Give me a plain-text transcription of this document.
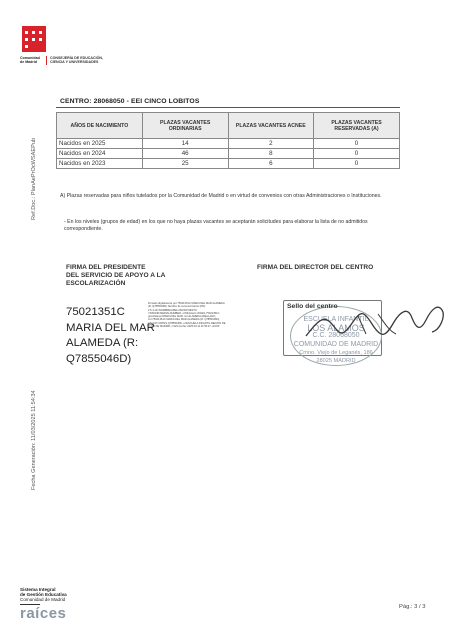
Comunidad
de Madrid
CONSEJERÍA DE EDUCACIÓN,
CIENCIA Y UNIVERSIDADES
Ref.Doc.: PlanAePrOcWSAEPub
Fecha Generación: 11/03/2025 11:54:34
CENTRO: 28068050 - EEI CINCO LOBITOS
AÑOS DE NACIMIENTO	PLAZAS VACANTES ORDINARIAS	PLAZAS VACANTES ACNEE	PLAZAS VACANTES RESERVADAS (A)
Nacidos en 2025	14	2	0
Nacidos en 2024	46	8	0
Nacidos en 2023	25	6	0
A) Plazas reservadas para niños tutelados por la Comunidad de Madrid o en virtud de convenios con otras Administraciones o Instituciones.
- En los niveles (grupos de edad) en los que no haya plazas vacantes se aceptarán solicitudes para elaborar la lista de no admitidos correspondiente.
FIRMA DEL PRESIDENTE
DEL SERVICIO DE APOYO A LA
ESCOLARIZACIÓN
FIRMA DEL DIRECTOR DEL CENTRO
75021351C
MARIA DEL MAR
ALAMEDA (R:
Q7855046D)
Firmado digitalmente por 75021351C MARIA DEL MAR ALAMEDA (R: Q7855046D) Nombre de reconocimiento (DN): 2.5.4.13=NOMBRE/APELLIDOS/PUESTO Y/DNI/NIF/SERIALNUMBER, o=Ministerio IDCES-75021351C, givenName=MARIA DEL MAR, sn=ALAMEDA ARELLANO, cn=75021351C MARIA DEL MAR ALAMEDA (R: Q7855046D), 2.5.4.97=VATES-Q7855046D, o=ESCUELA INFANTIL REGION DE FLOR DE MADRID, c=ES Fecha: 2025.03.11 11:56:47 +01'00'
ESCUELA INFANTIL
LOS ALAMOS
C.C. 28068050
COMUNIDAD DE MADRID
Cmno. Viejo de Leganés, 186
28025 MADRID
Sello del centro
Sistema Integral
de Gestión Educativa
Comunidad de Madrid
raíces	Pág.: 3 / 3
